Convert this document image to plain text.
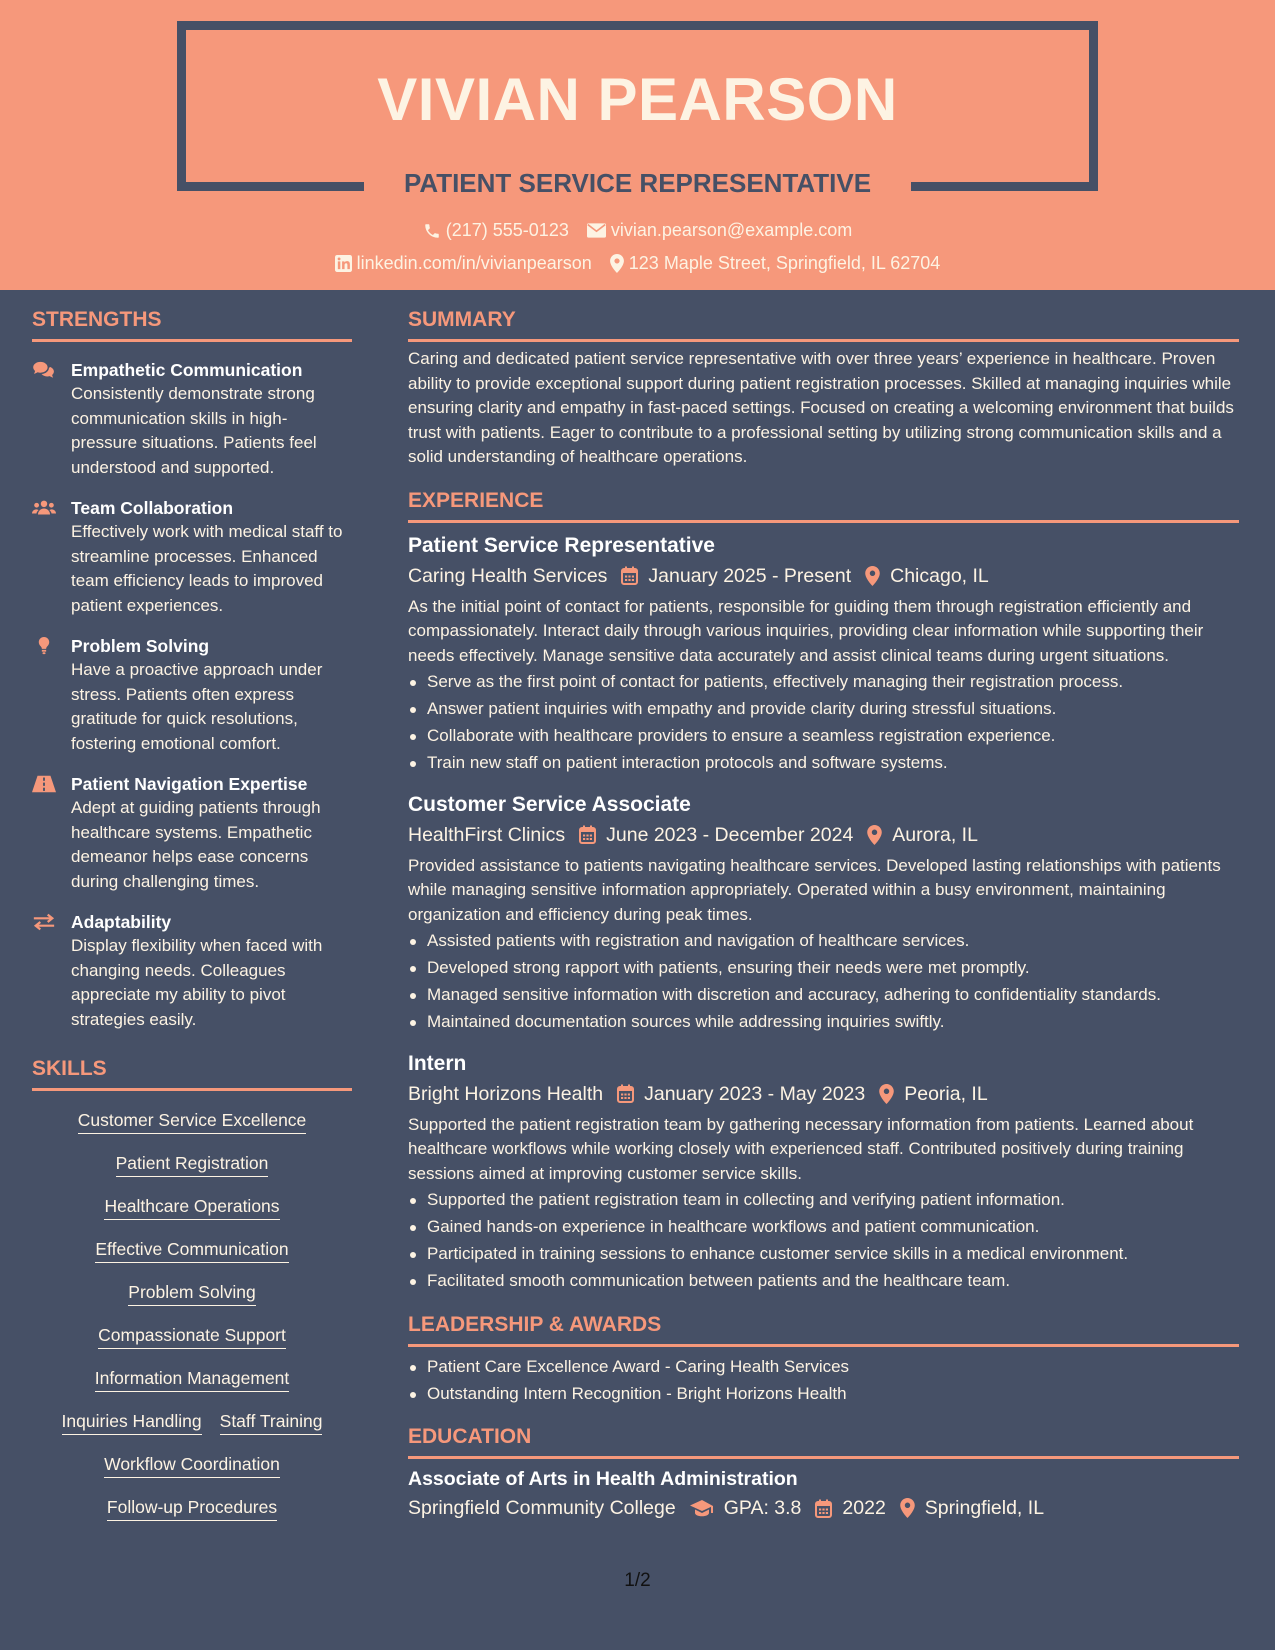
VIVIAN PEARSON
PATIENT SERVICE REPRESENTATIVE
(217) 555-0123 vivian.pearson@example.com
linkedin.com/in/vivianpearson 123 Maple Street, Springfield, IL 62704
STRENGTHS
Empathetic Communication
Consistently demonstrate strong communication skills in high-pressure situations. Patients feel understood and supported.
Team Collaboration
Effectively work with medical staff to streamline processes. Enhanced team efficiency leads to improved patient experiences.
Problem Solving
Have a proactive approach under stress. Patients often express gratitude for quick resolutions, fostering emotional comfort.
Patient Navigation Expertise
Adept at guiding patients through healthcare systems. Empathetic demeanor helps ease concerns during challenging times.
Adaptability
Display flexibility when faced with changing needs. Colleagues appreciate my ability to pivot strategies easily.
SKILLS
Customer Service Excellence
Patient Registration
Healthcare Operations
Effective Communication
Problem Solving
Compassionate Support
Information Management
Inquiries Handling Staff Training
Workflow Coordination
Follow-up Procedures
SUMMARY
Caring and dedicated patient service representative with over three years’ experience in healthcare. Proven ability to provide exceptional support during patient registration processes. Skilled at managing inquiries while ensuring clarity and empathy in fast-paced settings. Focused on creating a welcoming environment that builds trust with patients. Eager to contribute to a professional setting by utilizing strong communication skills and a solid understanding of healthcare operations.
EXPERIENCE
Patient Service Representative
Caring Health Services January 2025 - Present Chicago, IL
As the initial point of contact for patients, responsible for guiding them through registration efficiently and compassionately. Interact daily through various inquiries, providing clear information while supporting their needs effectively. Manage sensitive data accurately and assist clinical teams during urgent situations.
Serve as the first point of contact for patients, effectively managing their registration process.
Answer patient inquiries with empathy and provide clarity during stressful situations.
Collaborate with healthcare providers to ensure a seamless registration experience.
Train new staff on patient interaction protocols and software systems.
Customer Service Associate
HealthFirst Clinics June 2023 - December 2024 Aurora, IL
Provided assistance to patients navigating healthcare services. Developed lasting relationships with patients while managing sensitive information appropriately. Operated within a busy environment, maintaining organization and efficiency during peak times.
Assisted patients with registration and navigation of healthcare services.
Developed strong rapport with patients, ensuring their needs were met promptly.
Managed sensitive information with discretion and accuracy, adhering to confidentiality standards.
Maintained documentation sources while addressing inquiries swiftly.
Intern
Bright Horizons Health January 2023 - May 2023 Peoria, IL
Supported the patient registration team by gathering necessary information from patients. Learned about healthcare workflows while working closely with experienced staff. Contributed positively during training sessions aimed at improving customer service skills.
Supported the patient registration team in collecting and verifying patient information.
Gained hands-on experience in healthcare workflows and patient communication.
Participated in training sessions to enhance customer service skills in a medical environment.
Facilitated smooth communication between patients and the healthcare team.
LEADERSHIP & AWARDS
Patient Care Excellence Award - Caring Health Services
Outstanding Intern Recognition - Bright Horizons Health
EDUCATION
Associate of Arts in Health Administration
Springfield Community College GPA: 3.8 2022 Springfield, IL
1/2
